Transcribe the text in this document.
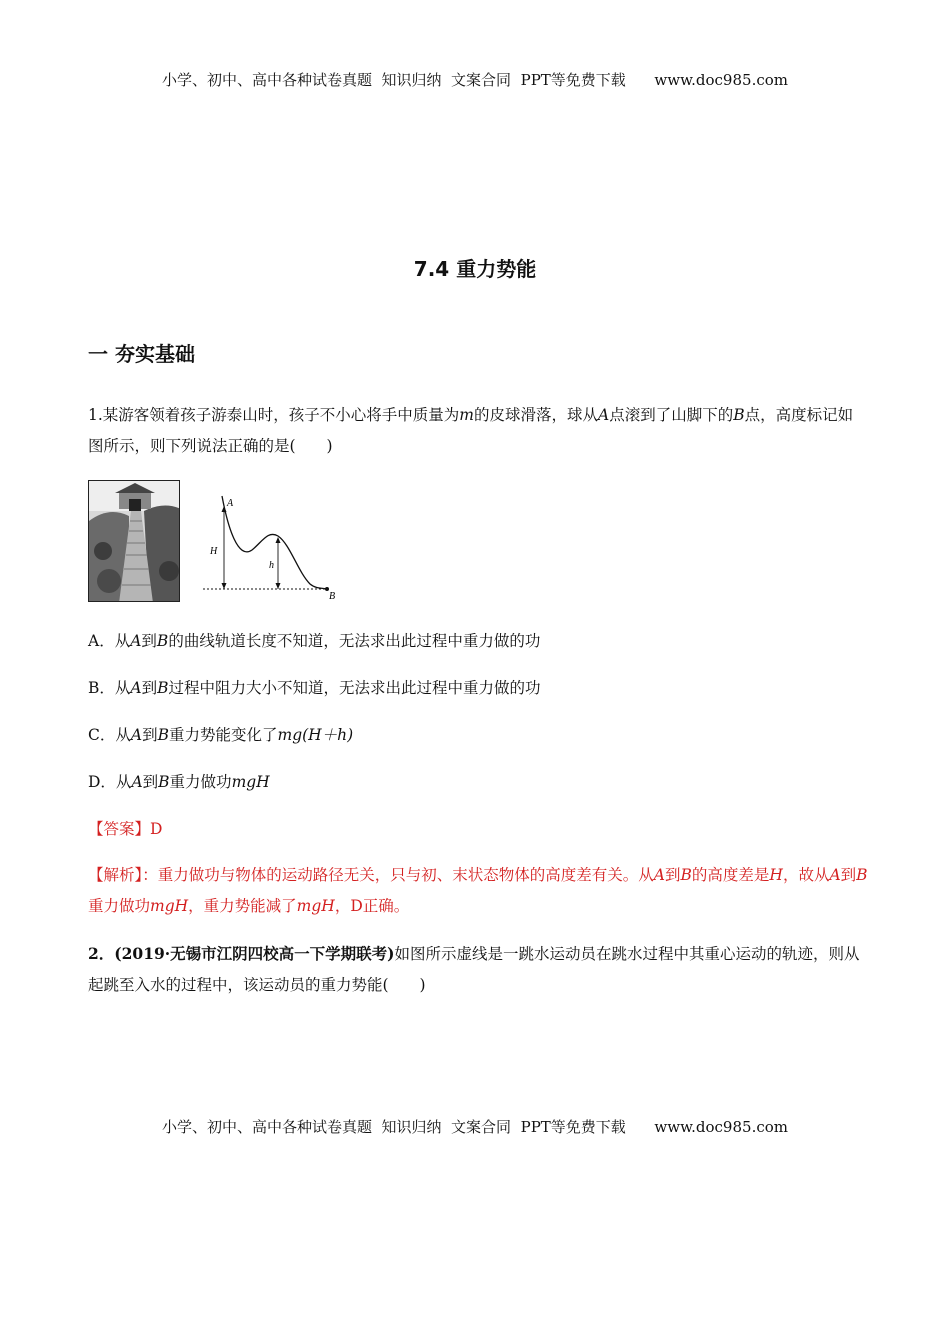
小学、初中、高中各种试卷真题  知识归纳  文案合同  PPT等免费下载      www.doc985.com
7.4 重力势能
一 夯实基础
1.某游客领着孩子游泰山时，孩子不小心将手中质量为m的皮球滑落，球从A点滚到了山脚下的B点，高度标记如图所示，则下列说法正确的是(　　)
A
H
h
B
A．从A到B的曲线轨道长度不知道，无法求出此过程中重力做的功
B．从A到B过程中阻力大小不知道，无法求出此过程中重力做的功
C．从A到B重力势能变化了mg(H＋h)
D．从A到B重力做功mgH
【答案】D
【解析】：重力做功与物体的运动路径无关，只与初、末状态物体的高度差有关。从A到B的高度差是H，故从A到B重力做功mgH，重力势能减了mgH，D正确。
2．(2019·无锡市江阴四校高一下学期联考)如图所示虚线是一跳水运动员在跳水过程中其重心运动的轨迹，则从起跳至入水的过程中，该运动员的重力势能(　　)
小学、初中、高中各种试卷真题  知识归纳  文案合同  PPT等免费下载      www.doc985.com
